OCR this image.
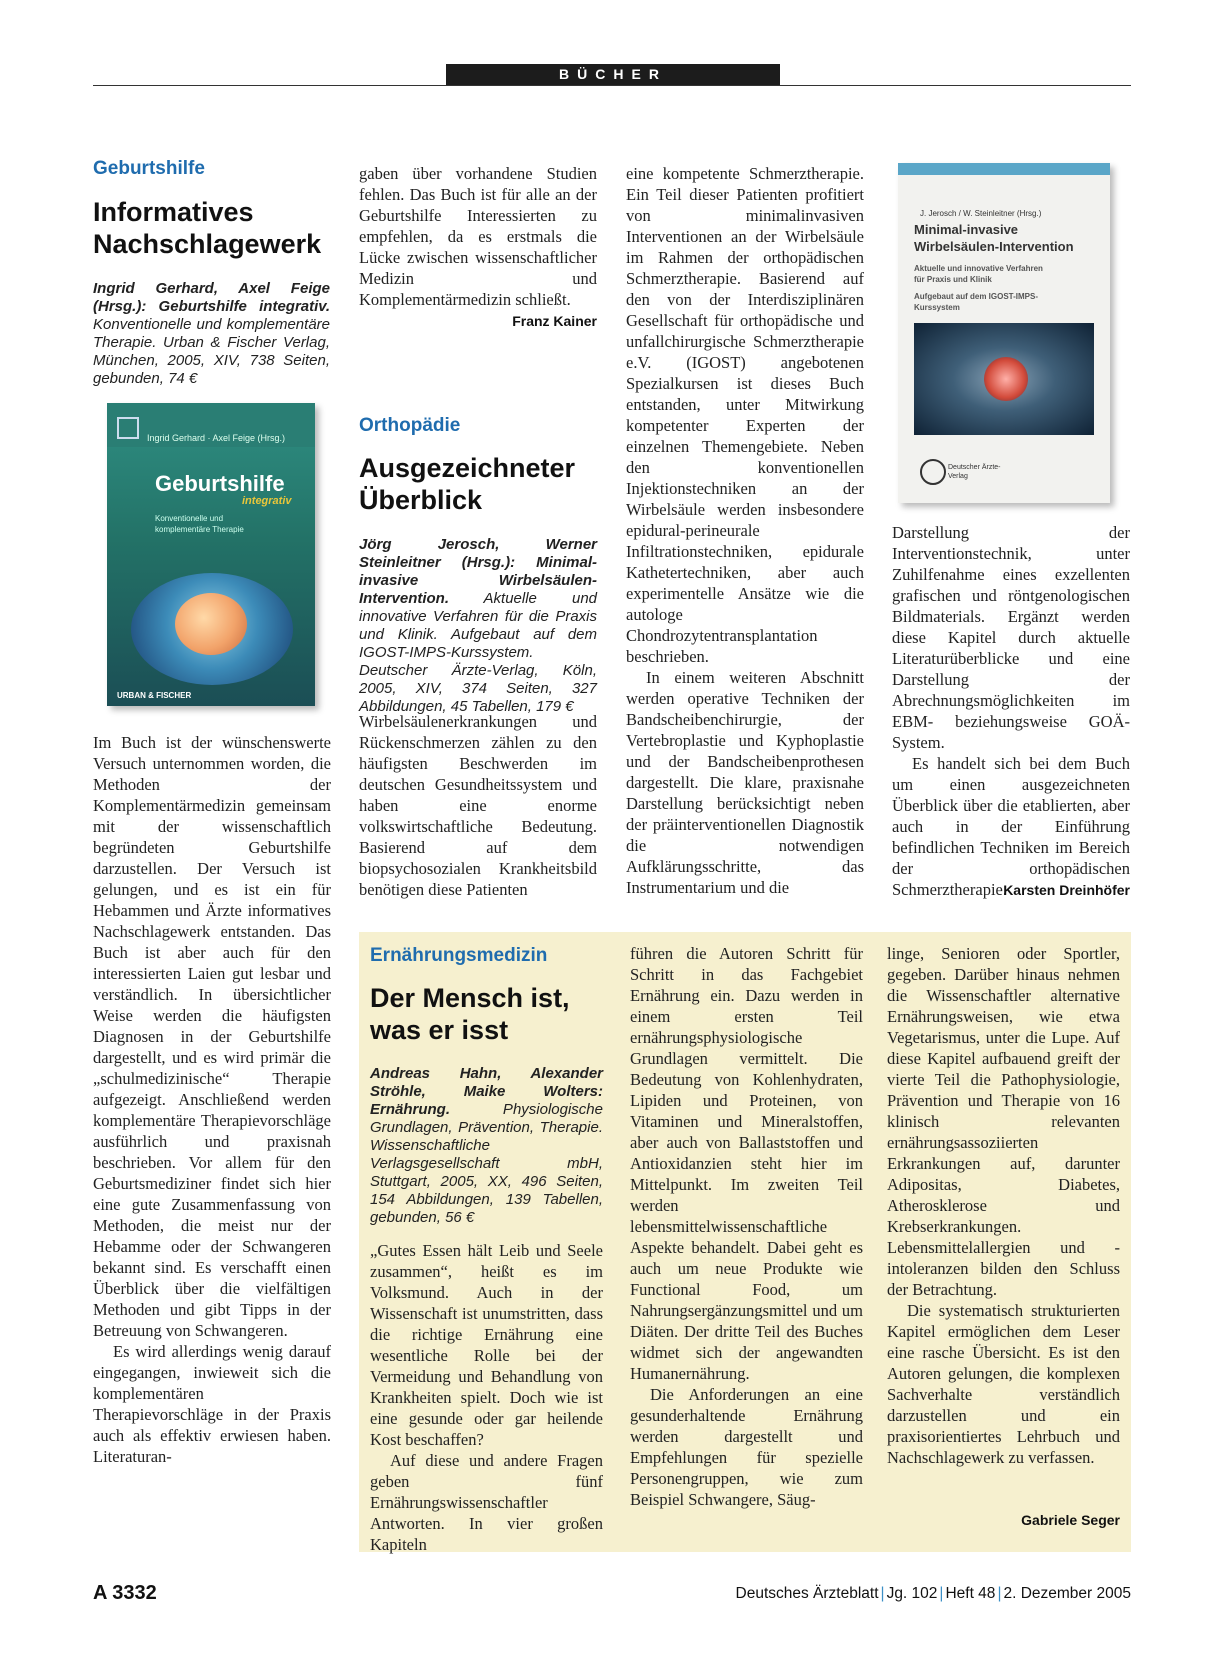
BÜCHER
Geburtshilfe
Informatives Nachschlagewerk
Ingrid Gerhard, Axel Feige (Hrsg.): Geburtshilfe integrativ. Konventionelle und komplementäre Therapie. Urban & Fischer Verlag, München, 2005, XIV, 738 Seiten, gebunden, 74 €
Ingrid Gerhard · Axel Feige (Hrsg.)
Geburtshilfe
integrativ
Konventionelle und komplementäre Therapie
URBAN & FISCHER

Im Buch ist der wünschenswerte Versuch unternommen worden, die Methoden der Komplementärmedizin gemeinsam mit der wissenschaftlich begründeten Geburtshilfe darzustellen. Der Versuch ist gelungen, und es ist ein für Hebammen und Ärzte informatives Nachschlagewerk entstanden. Das Buch ist aber auch für den interessierten Laien gut lesbar und verständlich. In übersichtlicher Weise werden die häufigsten Diagnosen in der Geburtshilfe dargestellt, und es wird primär die „schulmedizinische“ Therapie aufgezeigt. Anschließend werden komplementäre Therapievorschläge ausführlich und praxisnah beschrieben. Vor allem für den Geburtsmediziner findet sich hier eine gute Zusammenfassung von Methoden, die meist nur der Hebamme oder der Schwangeren bekannt sind. Es verschafft einen Überblick über die vielfältigen Methoden und gibt Tipps in der Betreuung von Schwangeren.

Es wird allerdings wenig darauf eingegangen, inwieweit sich die komplementären Therapievorschläge in der Praxis auch als effektiv erwiesen haben. Literaturan-

gaben über vorhandene Studien fehlen. Das Buch ist für alle an der Geburtshilfe Interessierten zu empfehlen, da es erstmals die Lücke zwischen wissenschaftlicher Medizin und Komplementärmedizin schließt.

Franz Kainer
Orthopädie
Ausgezeichneter Überblick
Jörg Jerosch, Werner Steinleitner (Hrsg.): Minimal-invasive Wirbelsäulen-Intervention. Aktuelle und innovative Verfahren für die Praxis und Klinik. Aufgebaut auf dem IGOST-IMPS-Kurssystem. Deutscher Ärzte-Verlag, Köln, 2005, XIV, 374 Seiten, 327 Abbildungen, 45 Tabellen, 179 €

Wirbelsäulenerkrankungen und Rückenschmerzen zählen zu den häufigsten Beschwerden im deutschen Gesundheitssystem und haben eine enorme volkswirtschaftliche Bedeutung. Basierend auf dem biopsychosozialen Krankheitsbild benötigen diese Patienten

eine kompetente Schmerztherapie. Ein Teil dieser Patienten profitiert von minimalinvasiven Interventionen an der Wirbelsäule im Rahmen der orthopädischen Schmerztherapie. Basierend auf den von der Interdisziplinären Gesellschaft für orthopädische und unfallchirurgische Schmerztherapie e.V. (IGOST) angebotenen Spezialkursen ist dieses Buch entstanden, unter Mitwirkung kompetenter Experten der einzelnen Themengebiete. Neben den konventionellen Injektionstechniken an der Wirbelsäule werden insbesondere epidural-perineurale Infiltrationstechniken, epidurale Kathetertechniken, aber auch experimentelle Ansätze wie die autologe Chondrozytentransplantation beschrieben.

In einem weiteren Abschnitt werden operative Techniken der Bandscheibenchirurgie, der Vertebroplastie und Kyphoplastie und der Bandscheibenprothesen dargestellt. Die klare, praxisnahe Darstellung berücksichtigt neben der präinterventionellen Diagnostik die notwendigen Aufklärungsschritte, das Instrumentarium und die

J. Jerosch / W. Steinleitner (Hrsg.)
Minimal-invasive Wirbelsäulen-Intervention
Aktuelle und innovative Verfahren für Praxis und Klinik
Aufgebaut auf dem IGOST-IMPS-Kurssystem
Deutscher Ärzte-Verlag

Darstellung der Interventionstechnik, unter Zuhilfenahme eines exzellenten grafischen und röntgenologischen Bildmaterials. Ergänzt werden diese Kapitel durch aktuelle Literaturüberblicke und eine Darstellung der Abrechnungsmöglichkeiten im EBM- beziehungsweise GOÄ-System.

Es handelt sich bei dem Buch um einen ausgezeichneten Überblick über die etablierten, aber auch in der Einführung befindlichen Techniken im Bereich der orthopädischen Schmerztherapie.

Karsten Dreinhöfer
Ernährungsmedizin
Der Mensch ist, was er isst
Andreas Hahn, Alexander Ströhle, Maike Wolters: Ernährung. Physiologische Grundlagen, Prävention, Therapie. Wissenschaftliche Verlagsgesellschaft mbH, Stuttgart, 2005, XX, 496 Seiten, 154 Abbildungen, 139 Tabellen, gebunden, 56 €

„Gutes Essen hält Leib und Seele zusammen“, heißt es im Volksmund. Auch in der Wissenschaft ist unumstritten, dass die richtige Ernährung eine wesentliche Rolle bei der Vermeidung und Behandlung von Krankheiten spielt. Doch wie ist eine gesunde oder gar heilende Kost beschaffen?

Auf diese und andere Fragen geben fünf Ernährungswissenschaftler Antworten. In vier großen Kapiteln

führen die Autoren Schritt für Schritt in das Fachgebiet Ernährung ein. Dazu werden in einem ersten Teil ernährungsphysiologische Grundlagen vermittelt. Die Bedeutung von Kohlenhydraten, Lipiden und Proteinen, von Vitaminen und Mineralstoffen, aber auch von Ballaststoffen und Antioxidanzien steht hier im Mittelpunkt. Im zweiten Teil werden lebensmittelwissenschaftliche Aspekte behandelt. Dabei geht es auch um neue Produkte wie Functional Food, um Nahrungsergänzungsmittel und um Diäten. Der dritte Teil des Buches widmet sich der angewandten Humanernährung.

Die Anforderungen an eine gesunderhaltende Ernährung werden dargestellt und Empfehlungen für spezielle Personengruppen, wie zum Beispiel Schwangere, Säug-

linge, Senioren oder Sportler, gegeben. Darüber hinaus nehmen die Wissenschaftler alternative Ernährungsweisen, wie etwa Vegetarismus, unter die Lupe. Auf diese Kapitel aufbauend greift der vierte Teil die Pathophysiologie, Prävention und Therapie von 16 klinisch relevanten ernährungsassoziierten Erkrankungen auf, darunter Adipositas, Diabetes, Atherosklerose und Krebserkrankungen. Lebensmittelallergien und -intoleranzen bilden den Schluss der Betrachtung.

Die systematisch strukturierten Kapitel ermöglichen dem Leser eine rasche Übersicht. Es ist den Autoren gelungen, die komplexen Sachverhalte verständlich darzustellen und ein praxisorientiertes Lehrbuch und Nachschlagewerk zu verfassen.

Gabriele Seger
A 3332	Deutsches Ärzteblatt | Jg. 102 | Heft 48 | 2. Dezember 2005
